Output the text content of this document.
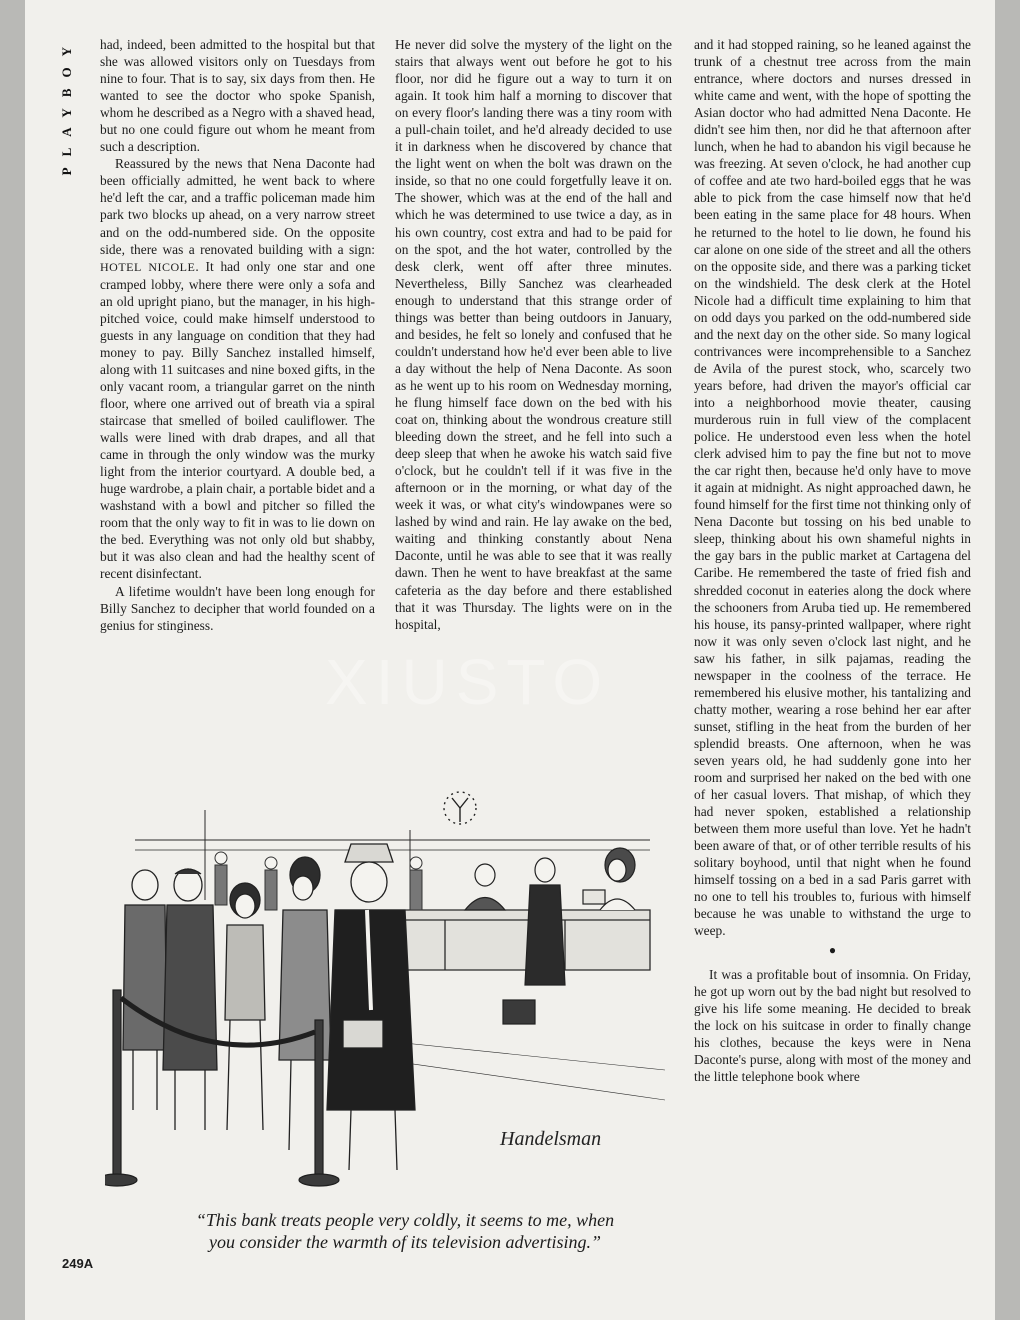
PLAYBOY had, indeed, been admitted to the hospital but that she was allowed visitors only on Tuesdays from nine to four. That is to say, six days from then. He wanted to see the doctor who spoke Spanish, whom he described as a Negro with a shaved head, but no one could figure out whom he meant from such a description.

Reassured by the news that Nena Daconte had been officially admitted, he went back to where he'd left the car, and a traffic policeman made him park two blocks up ahead, on a very narrow street and on the odd-numbered side. On the opposite side, there was a renovated building with a sign: HOTEL NICOLE. It had only one star and one cramped lobby, where there were only a sofa and an old upright piano, but the manager, in his high-pitched voice, could make himself understood to guests in any language on condition that they had money to pay. Billy Sanchez installed himself, along with 11 suitcases and nine boxed gifts, in the only vacant room, a triangular garret on the ninth floor, where one arrived out of breath via a spiral staircase that smelled of boiled cauliflower. The walls were lined with drab drapes, and all that came in through the only window was the murky light from the interior courtyard. A double bed, a huge wardrobe, a plain chair, a portable bidet and a washstand with a bowl and pitcher so filled the room that the only way to fit in was to lie down on the bed. Everything was not only old but shabby, but it was also clean and had the healthy scent of recent disinfectant.

A lifetime wouldn't have been long enough for Billy Sanchez to decipher that world founded on a genius for stinginess.

He never did solve the mystery of the light on the stairs that always went out before he got to his floor, nor did he figure out a way to turn it on again. It took him half a morning to discover that on every floor's landing there was a tiny room with a pull-chain toilet, and he'd already decided to use it in darkness when he discovered by chance that the light went on when the bolt was drawn on the inside, so that no one could forgetfully leave it on. The shower, which was at the end of the hall and which he was determined to use twice a day, as in his own country, cost extra and had to be paid for on the spot, and the hot water, controlled by the desk clerk, went off after three minutes. Nevertheless, Billy Sanchez was clearheaded enough to understand that this strange order of things was better than being outdoors in January, and besides, he felt so lonely and confused that he couldn't understand how he'd ever been able to live a day without the help of Nena Daconte. As soon as he went up to his room on Wednesday morning, he flung himself face down on the bed with his coat on, thinking about the wondrous creature still bleeding down the street, and he fell into such a deep sleep that when he awoke his watch said five o'clock, but he couldn't tell if it was five in the afternoon or in the morning, or what day of the week it was, or what city's windowpanes were so lashed by wind and rain. He lay awake on the bed, waiting and thinking constantly about Nena Daconte, until he was able to see that it was really dawn. Then he went to have breakfast at the same cafeteria as the day before and there established that it was Thursday. The lights were on in the hospital,

and it had stopped raining, so he leaned against the trunk of a chestnut tree across from the main entrance, where doctors and nurses dressed in white came and went, with the hope of spotting the Asian doctor who had admitted Nena Daconte. He didn't see him then, nor did he that afternoon after lunch, when he had to abandon his vigil because he was freezing. At seven o'clock, he had another cup of coffee and ate two hard-boiled eggs that he was able to pick from the case himself now that he'd been eating in the same place for 48 hours. When he returned to the hotel to lie down, he found his car alone on one side of the street and all the others on the opposite side, and there was a parking ticket on the windshield. The desk clerk at the Hotel Nicole had a difficult time explaining to him that on odd days you parked on the odd-numbered side and the next day on the other side. So many logical contrivances were incomprehensible to a Sanchez de Avila of the purest stock, who, scarcely two years before, had driven the mayor's official car into a neighborhood movie theater, causing murderous ruin in full view of the complacent police. He understood even less when the hotel clerk advised him to pay the fine but not to move the car right then, because he'd only have to move it again at midnight. As night approached dawn, he found himself for the first time not thinking only of Nena Daconte but tossing on his bed unable to sleep, thinking about his own shameful nights in the gay bars in the public market at Cartagena del Caribe. He remembered the taste of fried fish and shredded coconut in eateries along the dock where the schooners from Aruba tied up. He remembered his house, its pansy-printed wallpaper, where right now it was only seven o'clock last night, and he saw his father, in silk pajamas, reading the newspaper in the coolness of the terrace. He remembered his elusive mother, his tantalizing and chatty mother, wearing a rose behind her ear after sunset, stifling in the heat from the burden of her splendid breasts. One afternoon, when he was seven years old, he had suddenly gone into her room and surprised her naked on the bed with one of her casual lovers. That mishap, of which they had never spoken, established a relationship between them more useful than love. Yet he hadn't been aware of that, or of other terrible results of his solitary boyhood, until that night when he found himself tossing on a bed in a sad Paris garret with no one to tell his troubles to, furious with himself because he was unable to withstand the urge to weep.

●

It was a profitable bout of insomnia. On Friday, he got up worn out by the bad night but resolved to give his life some meaning. He decided to break the lock on his suitcase in order to finally change his clothes, because the keys were in Nena Daconte's purse, along with most of the money and the little telephone book where

Handelsman
“This bank treats people very coldly, it seems to me, when you consider the warmth of its television advertising.”
249A
XIUSTO
